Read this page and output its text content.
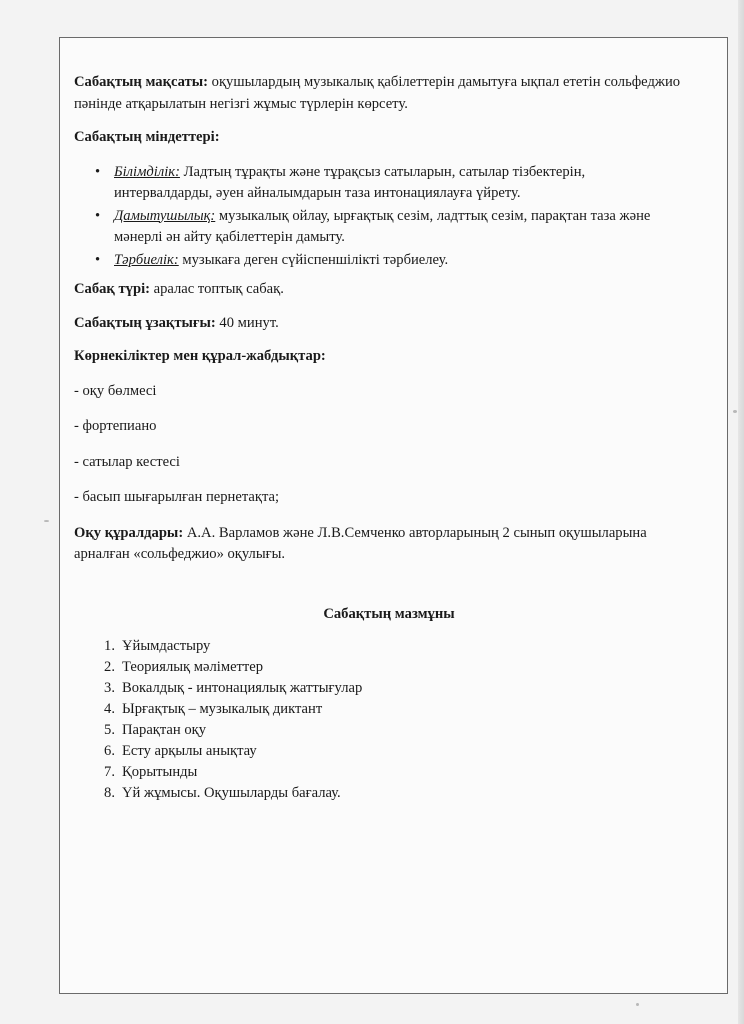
Сабақтың мақсаты: оқушылардың музыкалық қабілеттерін дамытуға ықпал ететін сольфеджио пәнінде атқарылатын негізгі жұмыс түрлерін көрсету.

Сабақтың міндеттері:

• Білімділік: Ладтың тұрақты және тұрақсыз сатыларын, сатылар тізбектерін, интервалдарды, әуен айналымдарын таза интонациялауға үйрету.
• Дамытушылық: музыкалық ойлау, ырғақтық сезім, ладттық сезім, парақтан таза және мәнерлі ән айту қабілеттерін дамыту.
• Тәрбиелік: музыкаға деген сүйіспеншілікті тәрбиелеу.

Сабақ түрі: аралас топтық сабақ.

Сабақтың ұзақтығы: 40 минут.

Көрнекіліктер мен құрал-жабдықтар:

- оқу бөлмесі

- фортепиано

- сатылар кестесі

- басып шығарылған пернетақта;

Оқу құралдары: А.А. Варламов және Л.В.Семченко авторларының 2 сынып оқушыларына арналған «сольфеджио» оқулығы.

Сабақтың мазмұны

1. Ұйымдастыру
2. Теориялық мәліметтер
3. Вокалдық - интонациялық жаттығулар
4. Ырғақтық – музыкалық диктант
5. Парақтан оқу
6. Есту арқылы анықтау
7. Қорытынды
8. Үй жұмысы. Оқушыларды бағалау.
